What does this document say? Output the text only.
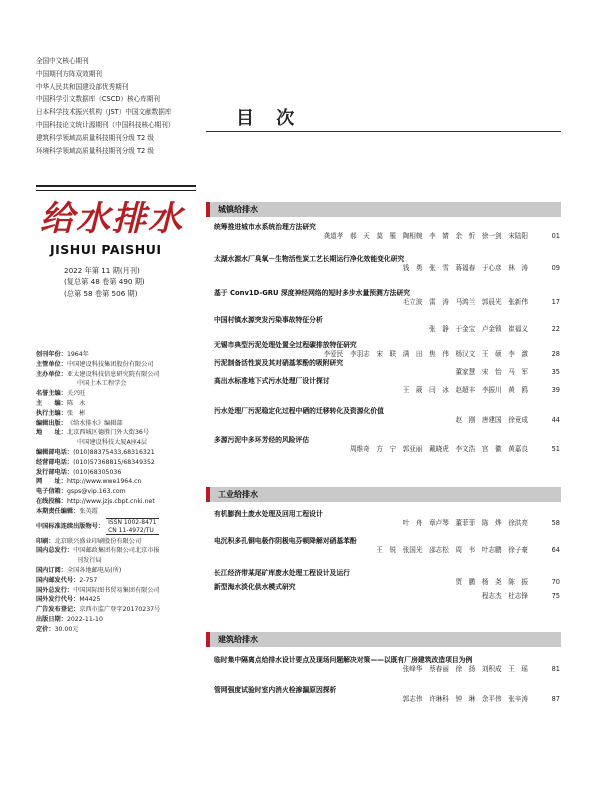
全国中文核心期刊
中国期刊方阵双效期刊
中华人民共和国建设部优秀期刊
中国科学引文数据库（CSCD）核心库期刊
日本科学技术振兴机构（JST）中国文献数据库
中国科技论文统计源期刊（中国科技核心期刊）
建筑科学领域高质量科技期刊分级 T2 级
环境科学领域高质量科技期刊分级 T2 级
给水排水
JISHUI PAISHUI
2022 年第 11 期(月刊)
(复总第 48 卷第 490 期)
(总第 58 卷第 506 期)
创刊年份： 1964年
主管单位： 中国建设科技集团股份有限公司
主办单位： 亚太建设科技信息研究院有限公司
中国土木工程学会
名誉主编： 关兴旺
主　　编： 陈　永
执行主编： 张　彬
编辑出版： 《给水排水》编辑部
地　　址： 北京西城区德胜门外大街36号
中国建设科技大厦A座4层
编辑部电话： (010)88375433,68316321
经营部电话： (010)57368815/68349352
发行部电话： (010)68305036
网　　址： http://www.wwe1964.cn
电子信箱： gsps@vip.163.com
在线投稿： http://www.jzjs.cbpt.cnki.net
本期责任编辑： 张英霞
中国标准连续出版物号：
ISSN 1002-8471
CN 11-4972/TU
印刷： 北京联兴盛业印刷股份有限公司
国内总发行： 中国邮政集团有限公司北京市报
刊发行局
国内订阅： 全国各地邮电局(所)
国内邮发代号： 2-757
国外总发行： 中国国际图书贸易集团有限公司
国外发行代号： M4425
广告发布登记： 京西市监广登字20170237号
出版日期： 2022-11-10
定价： 30.00元
目 次
城镇给排水
统筹推进城市水系统治理方法研究
龚道孝　郝　天　莫　罹　陶相婉　李　婧　余　忻　徐一剑　宋陆阳	01
太湖水源水厂臭氧－生物活性炭工艺长期运行净化效能变化研究
钱　勇　张　雪　蒋福春　于心彦　林　涛	09
基于 Conv1D-GRU 深度神经网络的短时多步水量预测方法研究
毛立波　雷　涛　马鸿兰　郭晨光　张新伟	17
中国村镇水源突发污染事故特征分析
张　静　于金宝　卢金锁　崔福义	22
无锡市典型污泥处理处置全过程碳排放特征研究
李爱民　李羽志　宋　联　满　田　焦　伟　杨汉文　王　硕　李　激	28
污泥制备活性炭及其对硝基苯酚的吸附研究
董家慧　宋　怡　马　军	35
高出水标准地下式污水处理厂设计探讨
王　葳　闫　冰　赵超丰　李振川　黄　鸥	39
污水处理厂污泥稳定化过程中硒的迁移转化及资源化价值
赵　刚　唐建国　徐竟成	44
多源污泥中多环芳烃的风险评估
周维奇　方　宁　郭亚丽　戴晓虎　李文浩　宫　徽　黄嘉良	51
工业给排水
有机膨润土废水处理及回用工程设计
叶　舟　章卢琴　董菲菲　陈　烨　徐洪亮	58
电沉积多孔铜电极作阴极电芬顿降解对硝基苯酚
王　锐　张国光　邵志松　周　韦　叶志鹏　徐子豪	64
长江经济带某尾矿库废水处理工程设计及运行
贾　鹏　杨　尧　陈　振	70
新型海水淡化供水模式研究
程志杰　杜志锋	75
建筑给排水
临时集中隔离点给排水设计要点及现场问题解决对策——以既有厂房建筑改造项目为例
张峰华　蔡春丽　徐　扬　刘积成　王　瑶	81
管网强度试验时室内消火栓渗漏原因探析
郭志伟　许琳科　钟　琳　余平伟　张辛涛	87
